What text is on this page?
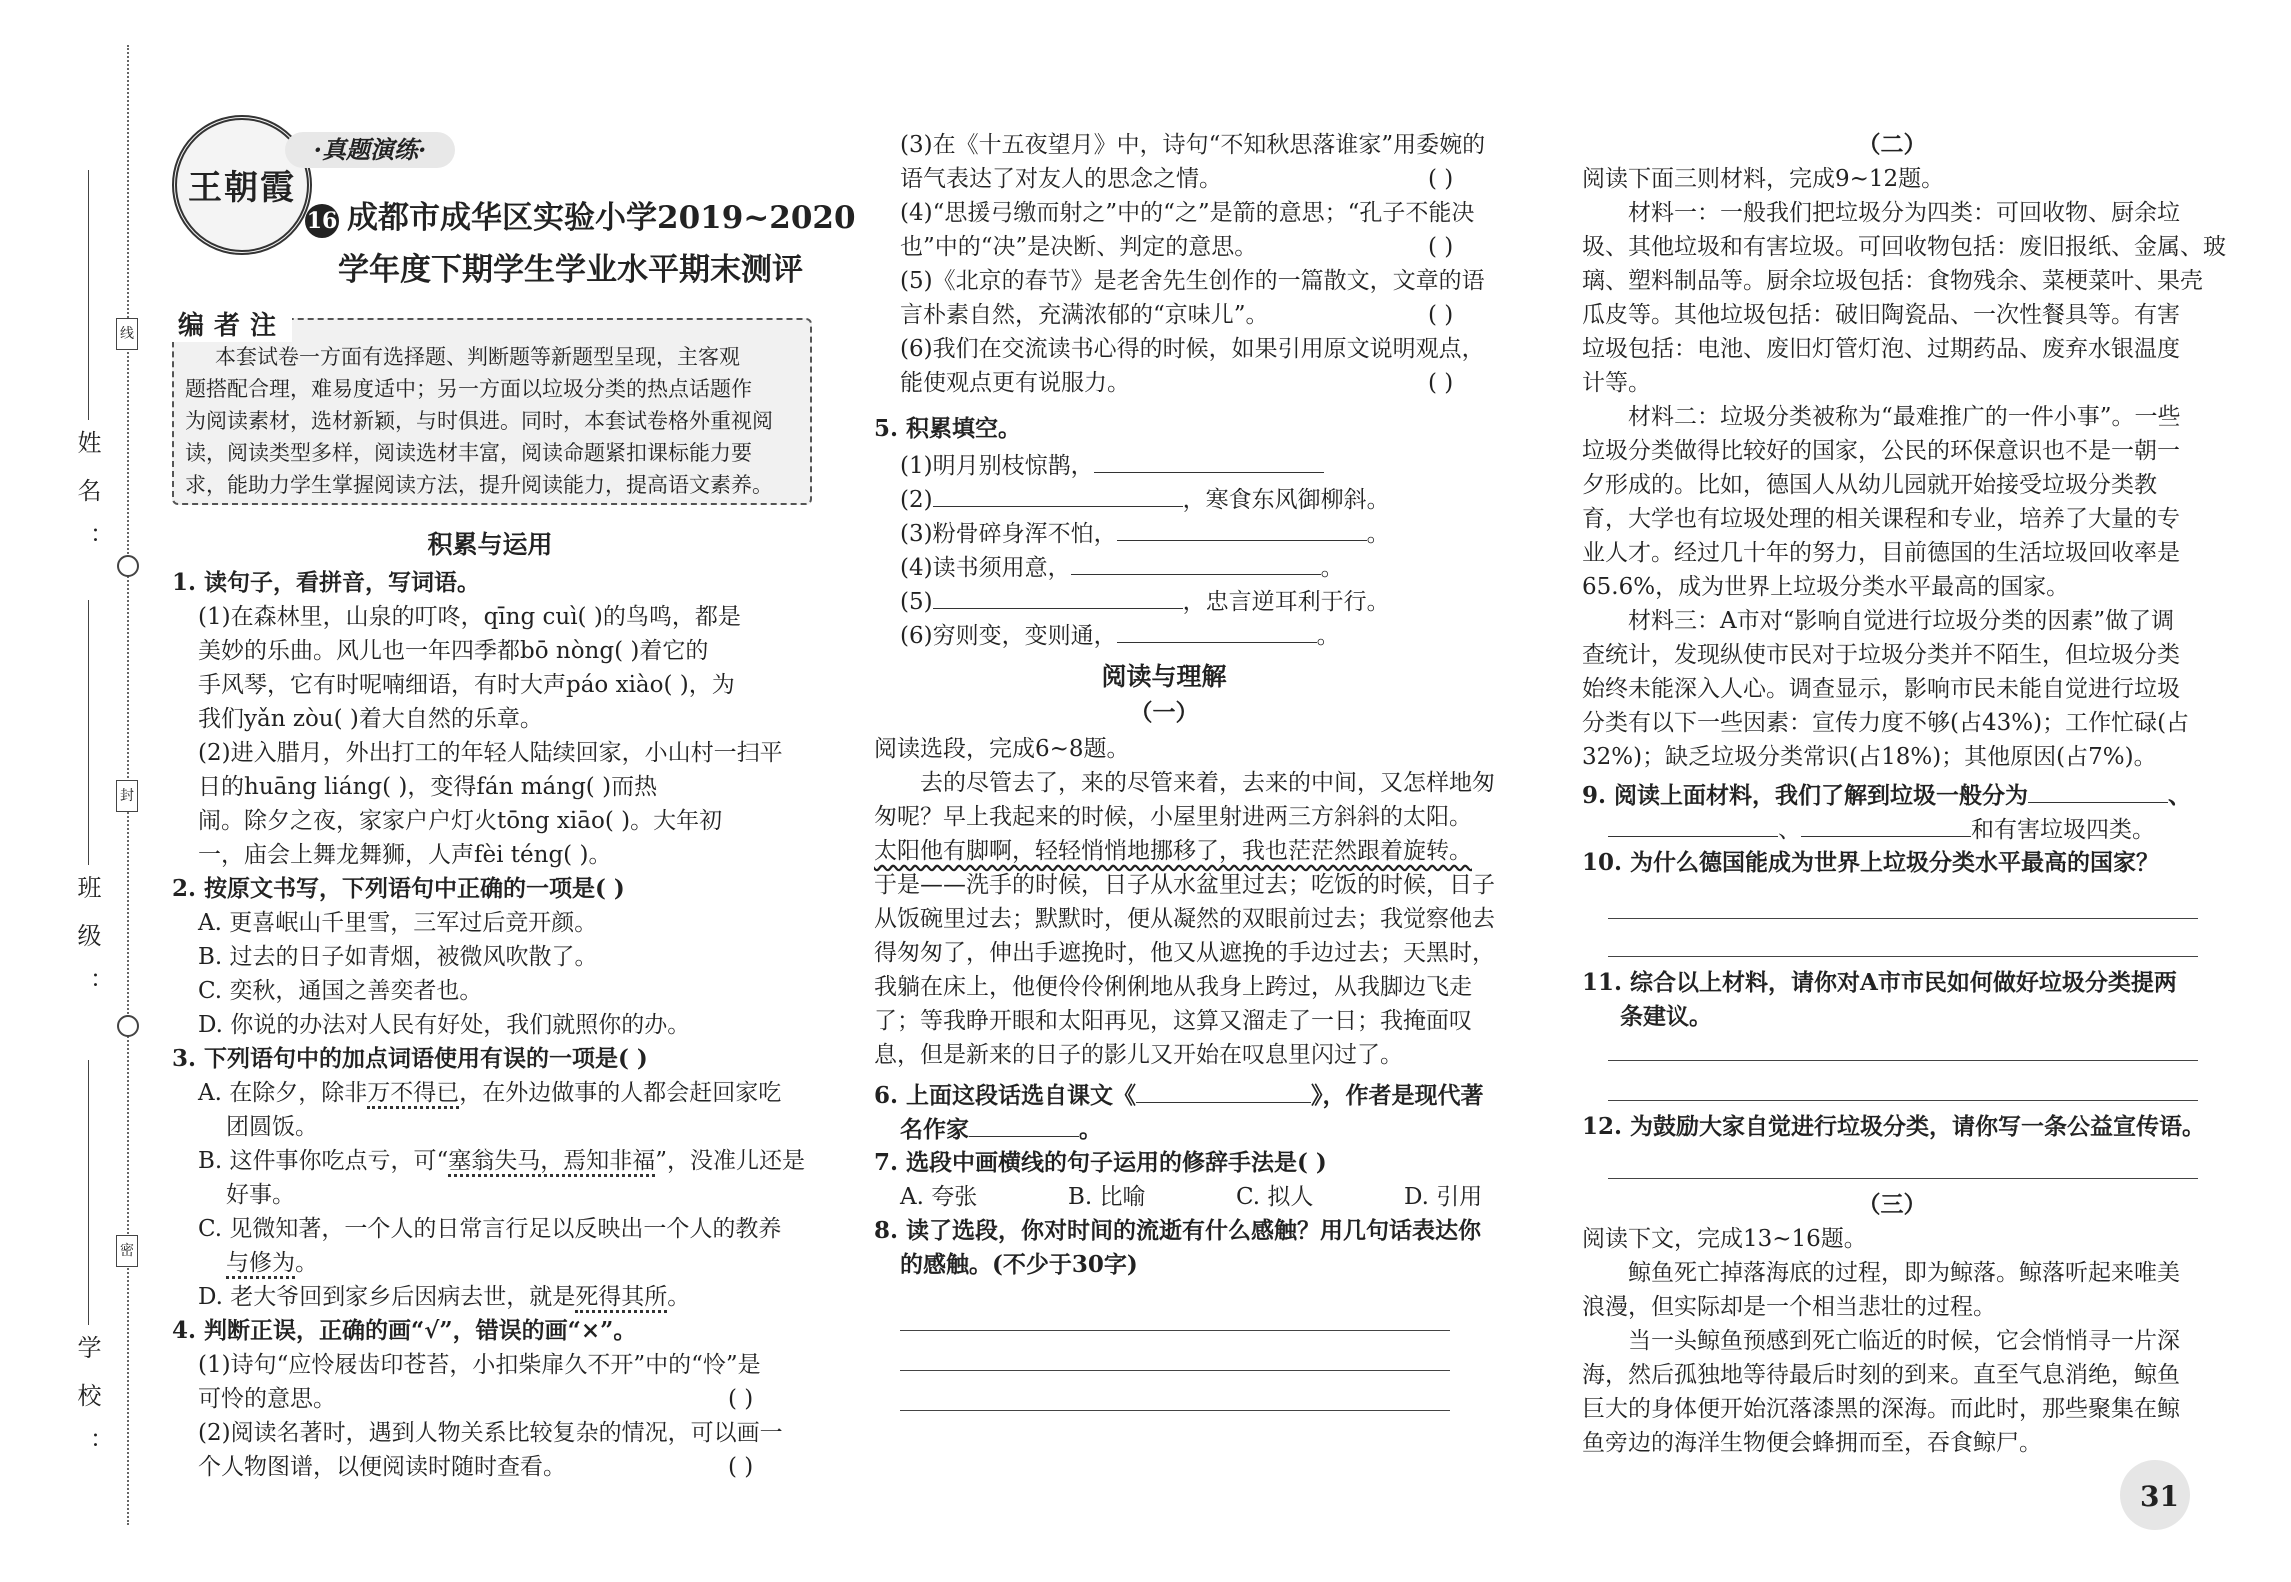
姓名：
线
班级：
封
学校：
密
王朝霞
·真题演练·
16 成都市成华区实验小学2019~2020
学年度下期学生学业水平期末测评
编者注
本套试卷一方面有选择题、判断题等新题型呈现，主客观
题搭配合理，难易度适中；另一方面以垃圾分类的热点话题作
为阅读素材，选材新颖，与时俱进。同时，本套试卷格外重视阅
读，阅读类型多样，阅读选材丰富，阅读命题紧扣课标能力要
求，能助力学生掌握阅读方法，提升阅读能力，提高语文素养。
积累与运用
1. 读句子，看拼音，写词语。
(1)在森林里，山泉的叮咚，qīng cuì( )的鸟鸣，都是
美妙的乐曲。风儿也一年四季都bō nòng( )着它的
手风琴，它有时呢喃细语，有时大声páo xiào( )，为
我们yǎn zòu( )着大自然的乐章。
(2)进入腊月，外出打工的年轻人陆续回家，小山村一扫平
日的huāng liáng( )，变得fán máng( )而热
闹。除夕之夜，家家户户灯火tōng xiāo( )。大年初
一，庙会上舞龙舞狮，人声fèi téng( )。
2. 按原文书写，下列语句中正确的一项是( )
A. 更喜岷山千里雪，三军过后竞开颜。
B. 过去的日子如青烟，被微风吹散了。
C. 奕秋，通国之善奕者也。
D. 你说的办法对人民有好处，我们就照你的办。
3. 下列语句中的加点词语使用有误的一项是( )
A. 在除夕，除非万不得已，在外边做事的人都会赶回家吃
团圆饭。
B. 这件事你吃点亏，可“塞翁失马，焉知非福”，没准儿还是
好事。
C. 见微知著，一个人的日常言行足以反映出一个人的教养
与修为。
D. 老大爷回到家乡后因病去世，就是死得其所。
4. 判断正误，正确的画“√”，错误的画“×”。
(1)诗句“应怜屐齿印苍苔，小扣柴扉久不开”中的“怜”是
可怜的意思。	( )
(2)阅读名著时，遇到人物关系比较复杂的情况，可以画一
个人物图谱，以便阅读时随时查看。	( )
(3)在《十五夜望月》中，诗句“不知秋思落谁家”用委婉的
语气表达了对友人的思念之情。	( )
(4)“思援弓缴而射之”中的“之”是箭的意思；“孔子不能决
也”中的“决”是决断、判定的意思。	( )
(5)《北京的春节》是老舍先生创作的一篇散文，文章的语
言朴素自然，充满浓郁的“京味儿”。	( )
(6)我们在交流读书心得的时候，如果引用原文说明观点，
能使观点更有说服力。	( )
5. 积累填空。
(1)明月别枝惊鹊，
(2)	，寒食东风御柳斜。
(3)粉骨碎身浑不怕，	。
(4)读书须用意，	。
(5)	，忠言逆耳利于行。
(6)穷则变，变则通，	。
阅读与理解
（一）
阅读选段，完成6~8题。
去的尽管去了，来的尽管来着，去来的中间，又怎样地匆
匆呢？早上我起来的时候，小屋里射进两三方斜斜的太阳。
太阳他有脚啊，轻轻悄悄地挪移了，我也茫茫然跟着旋转。
于是——洗手的时候，日子从水盆里过去；吃饭的时候，日子
从饭碗里过去；默默时，便从凝然的双眼前过去；我觉察他去
得匆匆了，伸出手遮挽时，他又从遮挽的手边过去；天黑时，
我躺在床上，他便伶伶俐俐地从我身上跨过，从我脚边飞走
了；等我睁开眼和太阳再见，这算又溜走了一日；我掩面叹
息，但是新来的日子的影儿又开始在叹息里闪过了。
6. 上面这段话选自课文《	》，作者是现代著
名作家	。
7. 选段中画横线的句子运用的修辞手法是( )
A. 夸张	B. 比喻	C. 拟人	D. 引用
8. 读了选段，你对时间的流逝有什么感触？用几句话表达你
的感触。(不少于30字)
（二）
阅读下面三则材料，完成9~12题。
材料一：一般我们把垃圾分为四类：可回收物、厨余垃
圾、其他垃圾和有害垃圾。可回收物包括：废旧报纸、金属、玻
璃、塑料制品等。厨余垃圾包括：食物残余、菜梗菜叶、果壳
瓜皮等。其他垃圾包括：破旧陶瓷品、一次性餐具等。有害
垃圾包括：电池、废旧灯管灯泡、过期药品、废弃水银温度
计等。
材料二：垃圾分类被称为“最难推广的一件小事”。一些
垃圾分类做得比较好的国家，公民的环保意识也不是一朝一
夕形成的。比如，德国人从幼儿园就开始接受垃圾分类教
育，大学也有垃圾处理的相关课程和专业，培养了大量的专
业人才。经过几十年的努力，目前德国的生活垃圾回收率是
65.6%，成为世界上垃圾分类水平最高的国家。
材料三：A市对“影响自觉进行垃圾分类的因素”做了调
查统计，发现纵使市民对于垃圾分类并不陌生，但垃圾分类
始终未能深入人心。调查显示，影响市民未能自觉进行垃圾
分类有以下一些因素：宣传力度不够(占43%)；工作忙碌(占
32%)；缺乏垃圾分类常识(占18%)；其他原因(占7%)。
9. 阅读上面材料，我们了解到垃圾一般分为	、
、	和有害垃圾四类。
10. 为什么德国能成为世界上垃圾分类水平最高的国家？
11. 综合以上材料，请你对A市市民如何做好垃圾分类提两
条建议。
12. 为鼓励大家自觉进行垃圾分类，请你写一条公益宣传语。
（三）
阅读下文，完成13~16题。
鲸鱼死亡掉落海底的过程，即为鲸落。鲸落听起来唯美
浪漫，但实际却是一个相当悲壮的过程。
当一头鲸鱼预感到死亡临近的时候，它会悄悄寻一片深
海，然后孤独地等待最后时刻的到来。直至气息消绝，鲸鱼
巨大的身体便开始沉落漆黑的深海。而此时，那些聚集在鲸
鱼旁边的海洋生物便会蜂拥而至，吞食鲸尸。
31
